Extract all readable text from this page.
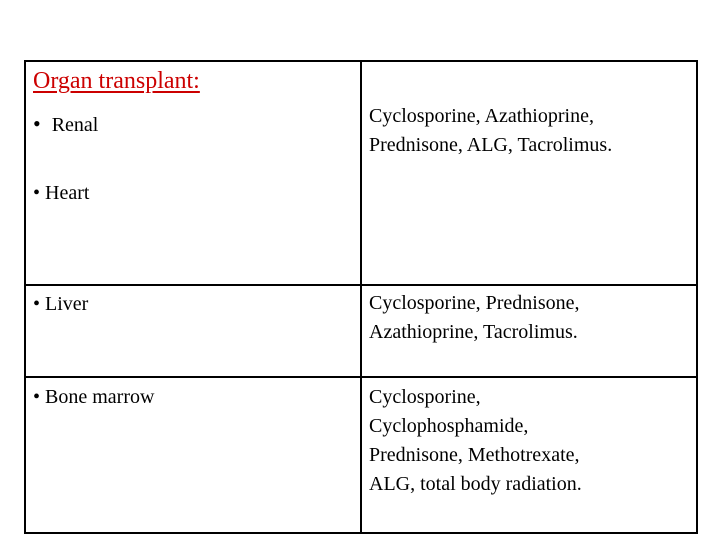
Organ transplant:
• Renal
• Heart
Cyclosporine, Azathioprine,
Prednisone, ALG, Tacrolimus.
• Liver	Cyclosporine, Prednisone,
Azathioprine, Tacrolimus.
• Bone marrow	Cyclosporine,
Cyclophosphamide,
Prednisone, Methotrexate,
ALG, total body radiation.
